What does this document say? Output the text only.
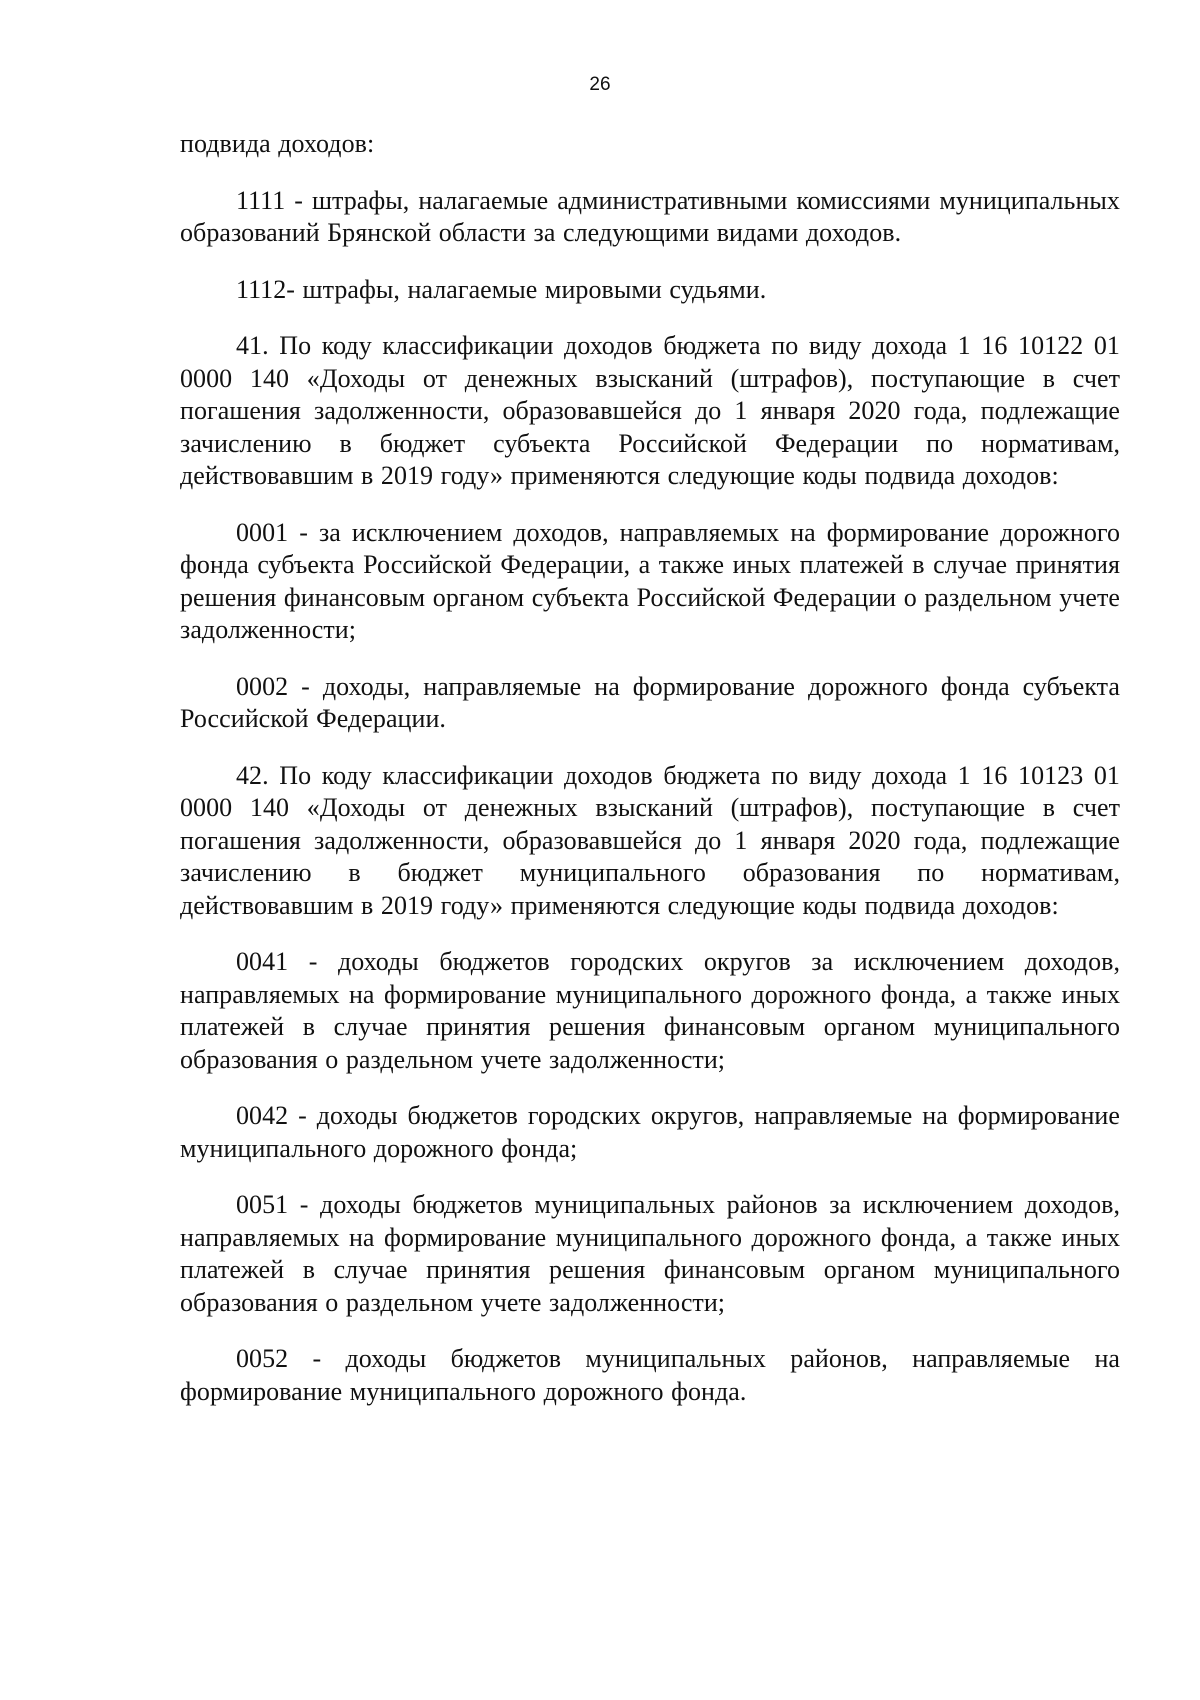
26

подвида доходов:

1111 - штрафы, налагаемые административными комиссиями муниципальных образований Брянской области за следующими видами доходов.

1112- штрафы, налагаемые мировыми судьями.

41. По коду классификации доходов бюджета по виду дохода 1 16 10122 01 0000 140 «Доходы от денежных взысканий (штрафов), поступающие в счет погашения задолженности, образовавшейся до 1 января 2020 года, подлежащие зачислению в бюджет субъекта Российской Федерации по нормативам, действовавшим в 2019 году» применяются следующие коды подвида доходов:

0001 - за исключением доходов, направляемых на формирование дорожного фонда субъекта Российской Федерации, а также иных платежей в случае принятия решения финансовым органом субъекта Российской Федерации о раздельном учете задолженности;

0002 - доходы, направляемые на формирование дорожного фонда субъекта Российской Федерации.

42. По коду классификации доходов бюджета по виду дохода 1 16 10123 01 0000 140 «Доходы от денежных взысканий (штрафов), поступающие в счет погашения задолженности, образовавшейся до 1 января 2020 года, подлежащие зачислению в бюджет муниципального образования по нормативам, действовавшим в 2019 году» применяются следующие коды подвида доходов:

0041 - доходы бюджетов городских округов за исключением доходов, направляемых на формирование муниципального дорожного фонда, а также иных платежей в случае принятия решения финансовым органом муниципального образования о раздельном учете задолженности;

0042 - доходы бюджетов городских округов, направляемые на формирование муниципального дорожного фонда;

0051 - доходы бюджетов муниципальных районов за исключением доходов, направляемых на формирование муниципального дорожного фонда, а также иных платежей в случае принятия решения финансовым органом муниципального образования о раздельном учете задолженности;

0052 - доходы бюджетов муниципальных районов, направляемые на формирование муниципального дорожного фонда.
